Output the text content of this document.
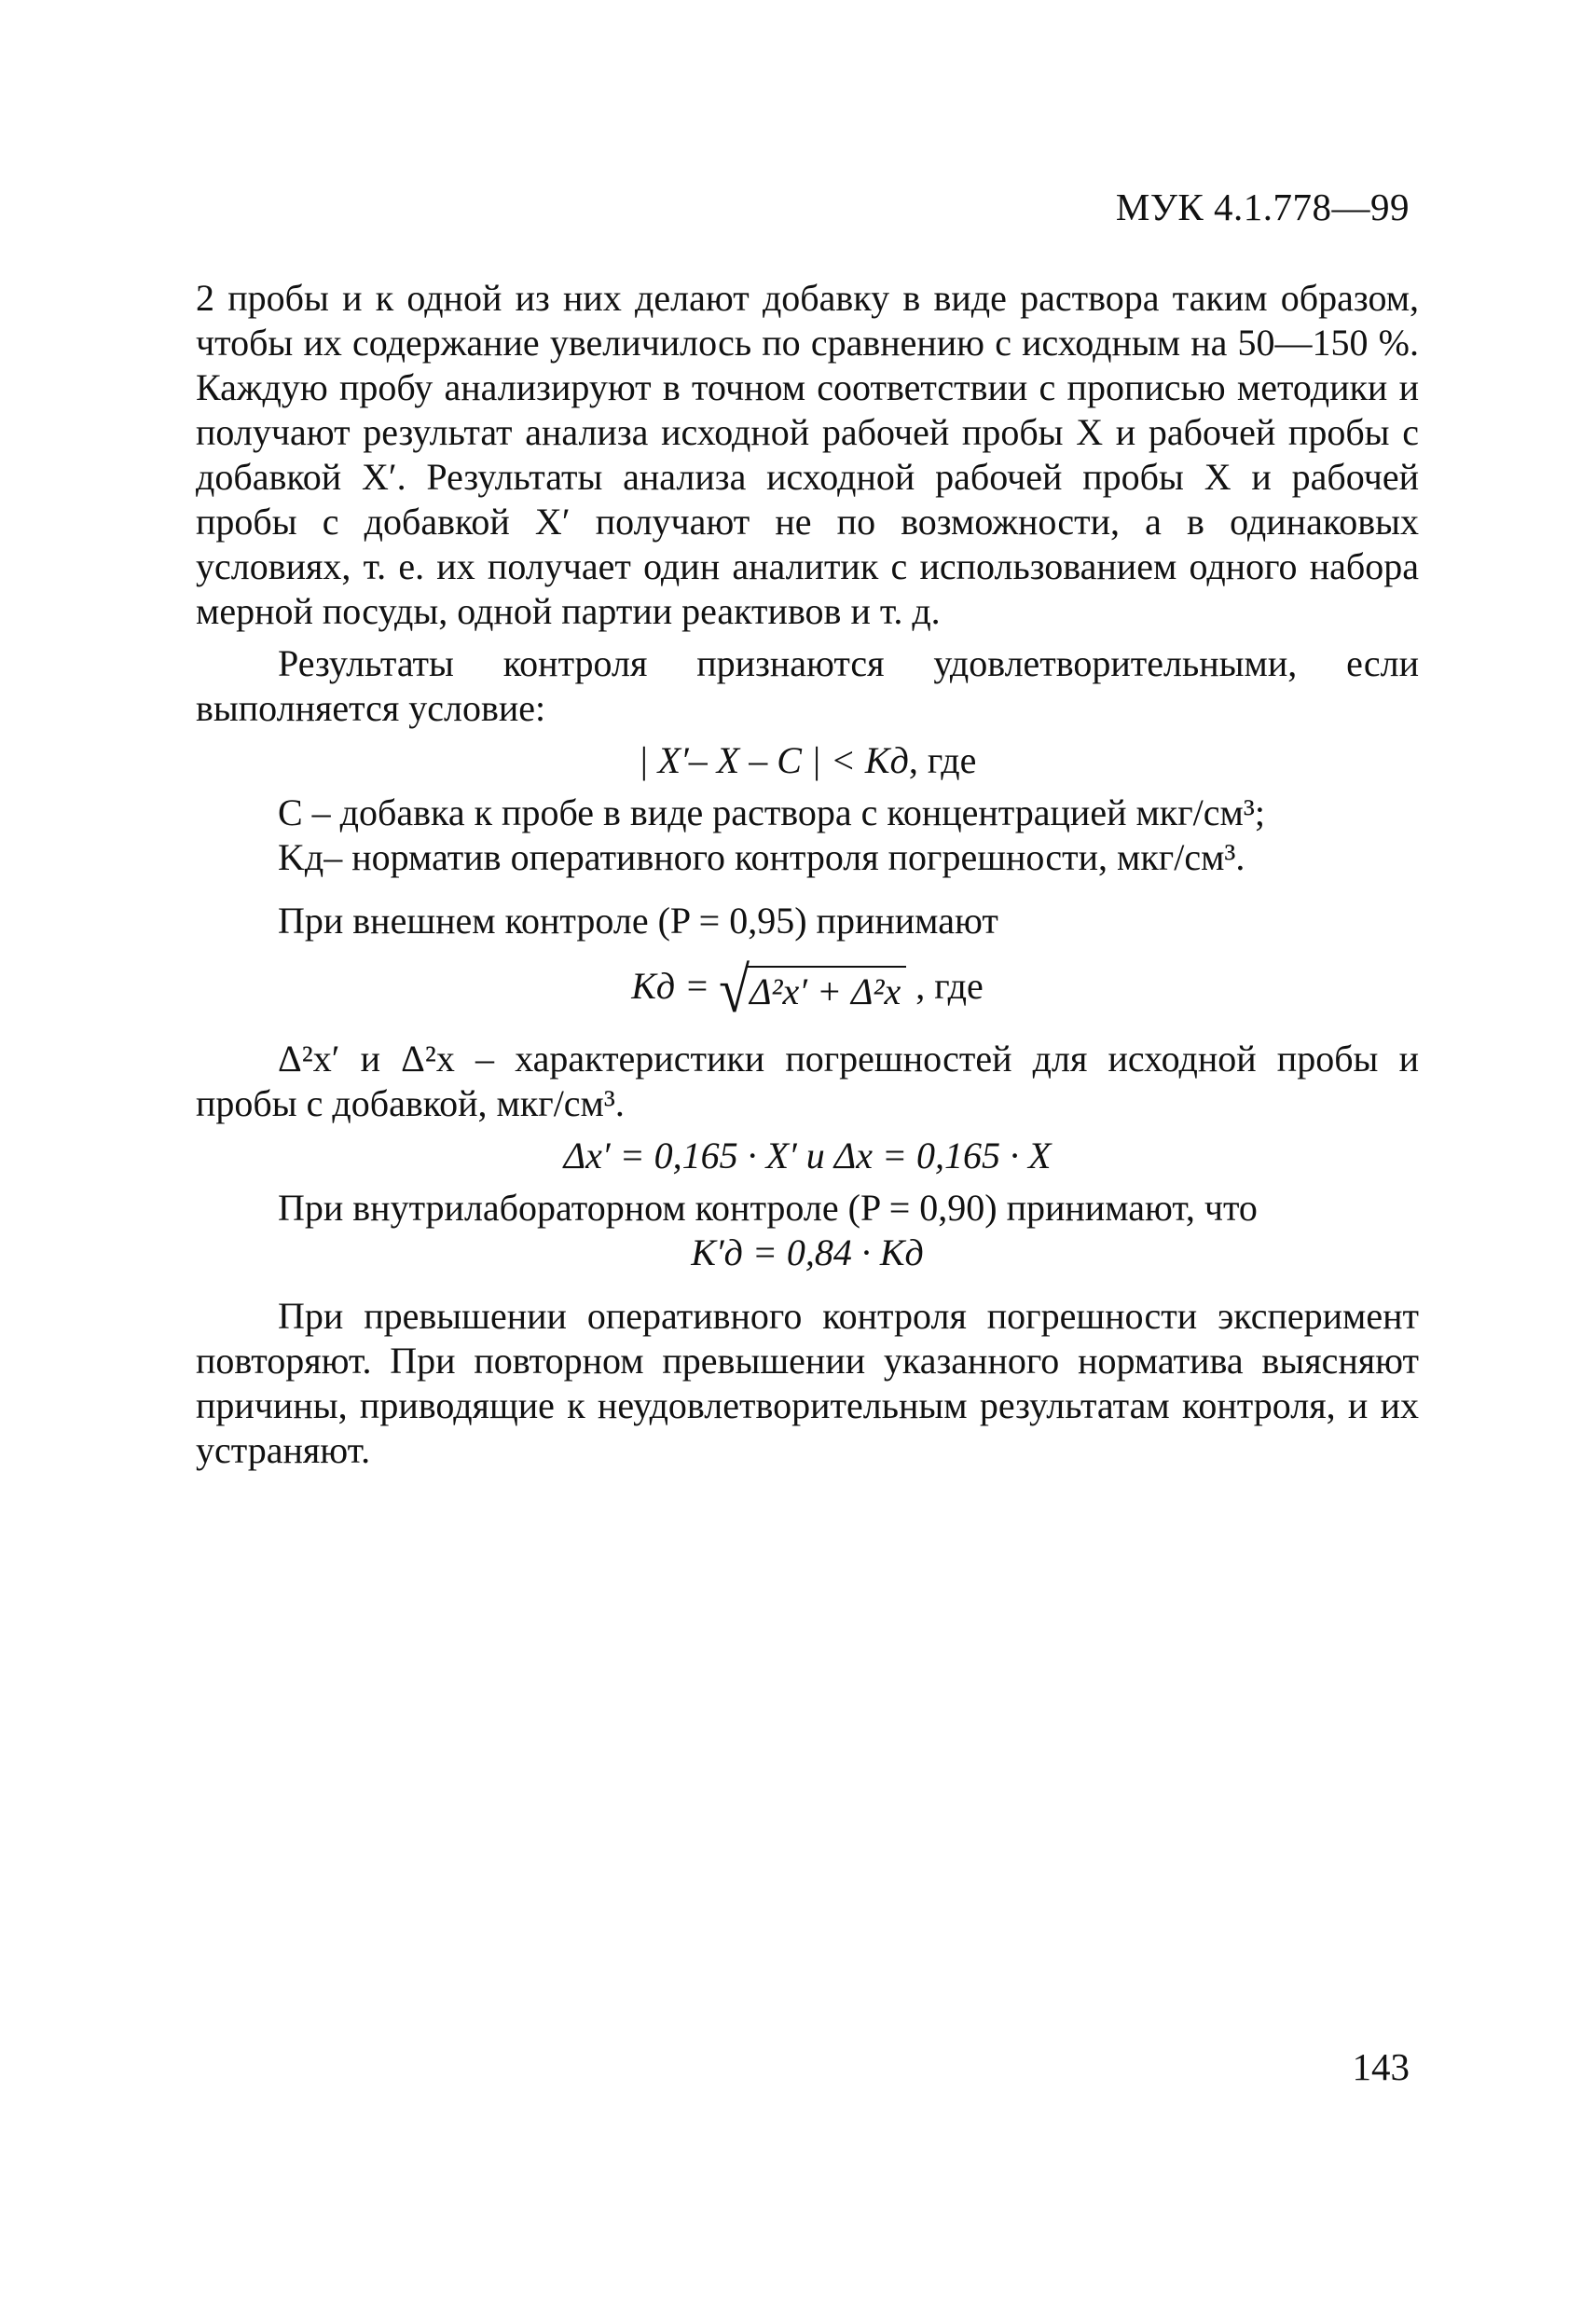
МУК 4.1.778—99

2 пробы и к одной из них делают добавку в виде раствора таким образом, чтобы их содержание увеличилось по сравнению с исходным на 50—150 %. Каждую пробу анализируют в точном соответствии с прописью методики и получают результат анализа исходной рабочей пробы X и рабочей пробы с добавкой X′. Результаты анализа исходной рабочей пробы X и рабочей пробы с добавкой X′ получают не по возможности, а в одинаковых условиях, т. е. их получает один аналитик с использованием одного набора мерной посуды, одной партии реактивов и т. д.

Результаты контроля признаются удовлетворительными, если выполняется условие:

| X′– X – C | < Kд, где

C – добавка к пробе в виде раствора с концентрацией мкг/см³;

Kд– норматив оперативного контроля погрешности, мкг/см³.

При внешнем контроле (P = 0,95) принимают

Kд = √Δ²x′ + Δ²x , где

Δ²x′ и Δ²x – характеристики погрешностей для исходной пробы и пробы с добавкой, мкг/см³.

Δx′ = 0,165 · X′ и Δx = 0,165 · X

При внутрилабораторном контроле (P = 0,90) принимают, что

K′д = 0,84 · Kд

При превышении оперативного контроля погрешности эксперимент повторяют. При повторном превышении указанного норматива выясняют причины, приводящие к неудовлетворительным результатам контроля, и их устраняют.

143
